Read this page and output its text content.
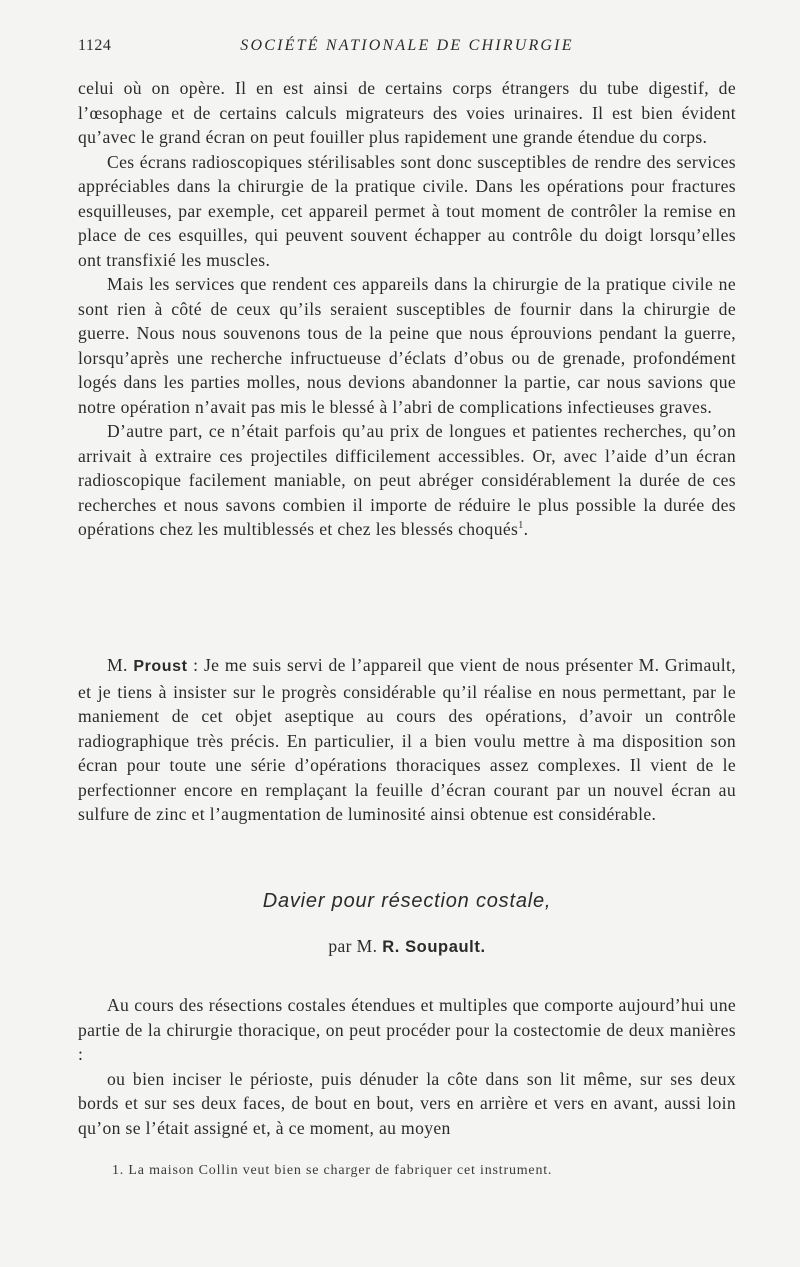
1124	SOCIÉTÉ NATIONALE DE CHIRURGIE

celui où on opère. Il en est ainsi de certains corps étrangers du tube digestif, de l’œsophage et de certains calculs migrateurs des voies urinaires. Il est bien évident qu’avec le grand écran on peut fouiller plus rapidement une grande étendue du corps.

Ces écrans radioscopiques stérilisables sont donc susceptibles de rendre des services appréciables dans la chirurgie de la pratique civile. Dans les opérations pour fractures esquilleuses, par exemple, cet appareil permet à tout moment de contrôler la remise en place de ces esquilles, qui peuvent souvent échapper au contrôle du doigt lorsqu’elles ont transfixié les muscles.

Mais les services que rendent ces appareils dans la chirurgie de la pratique civile ne sont rien à côté de ceux qu’ils seraient susceptibles de fournir dans la chirurgie de guerre. Nous nous souvenons tous de la peine que nous éprouvions pendant la guerre, lorsqu’après une recherche infructueuse d’éclats d’obus ou de grenade, profondément logés dans les parties molles, nous devions abandonner la partie, car nous savions que notre opération n’avait pas mis le blessé à l’abri de complications infectieuses graves.

D’autre part, ce n’était parfois qu’au prix de longues et patientes recherches, qu’on arrivait à extraire ces projectiles difficilement accessibles. Or, avec l’aide d’un écran radioscopique facilement maniable, on peut abréger considérablement la durée de ces recherches et nous savons combien il importe de réduire le plus possible la durée des opérations chez les multiblessés et chez les blessés choqués$^1$.

M. Proust : Je me suis servi de l’appareil que vient de nous présenter M. Grimault, et je tiens à insister sur le progrès considérable qu’il réalise en nous permettant, par le maniement de cet objet aseptique au cours des opérations, d’avoir un contrôle radiographique très précis. En particulier, il a bien voulu mettre à ma disposition son écran pour toute une série d’opérations thoraciques assez complexes. Il vient de le perfectionner encore en remplaçant la feuille d’écran courant par un nouvel écran au sulfure de zinc et l’augmentation de luminosité ainsi obtenue est considérable.

Davier pour résection costale,
par M. R. Soupault.

Au cours des résections costales étendues et multiples que comporte aujourd’hui une partie de la chirurgie thoracique, on peut procéder pour la costectomie de deux manières :

ou bien inciser le périoste, puis dénuder la côte dans son lit même, sur ses deux bords et sur ses deux faces, de bout en bout, vers en arrière et vers en avant, aussi loin qu’on se l’était assigné et, à ce moment, au moyen

1. La maison Collin veut bien se charger de fabriquer cet instrument.
